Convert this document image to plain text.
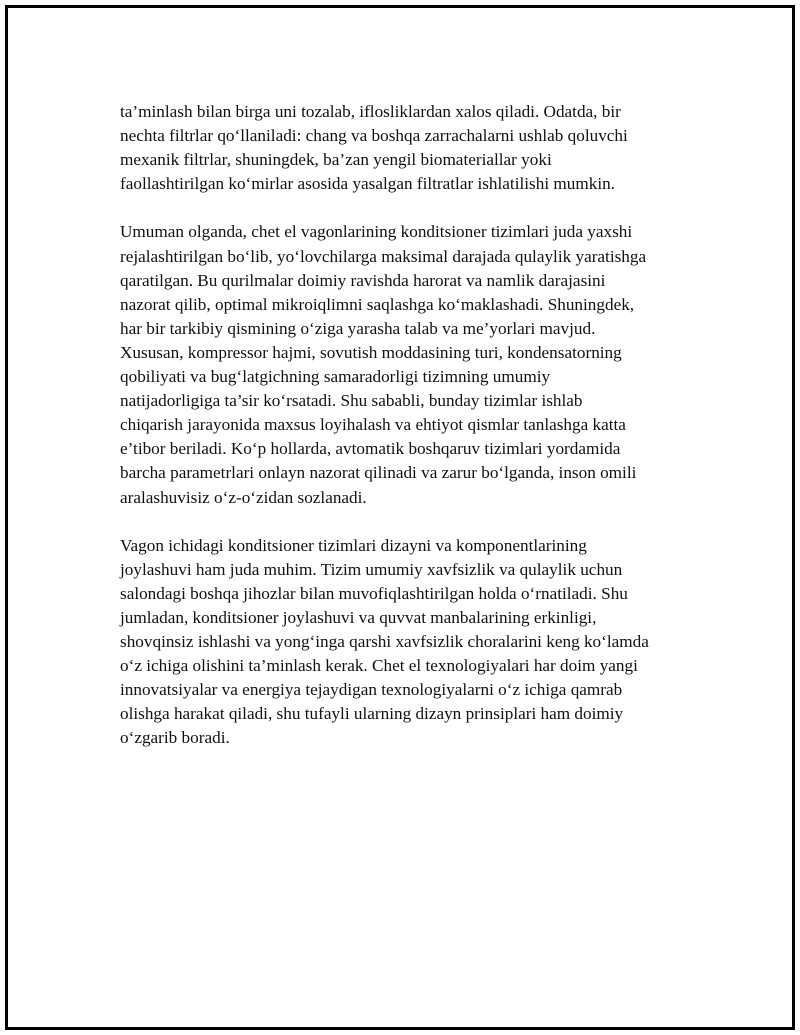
ta’minlash bilan birga uni tozalab, iflosliklardan xalos qiladi. Odatda, bir
nechta filtrlar qo‘llaniladi: chang va boshqa zarrachalarni ushlab qoluvchi
mexanik filtrlar, shuningdek, ba’zan yengil biomateriallar yoki
faollashtirilgan ko‘mirlar asosida yasalgan filtratlar ishlatilishi mumkin.

Umuman olganda, chet el vagonlarining konditsioner tizimlari juda yaxshi
rejalashtirilgan bo‘lib, yo‘lovchilarga maksimal darajada qulaylik yaratishga
qaratilgan. Bu qurilmalar doimiy ravishda harorat va namlik darajasini
nazorat qilib, optimal mikroiqlimni saqlashga ko‘maklashadi. Shuningdek,
har bir tarkibiy qismining o‘ziga yarasha talab va me’yorlari mavjud.
Xususan, kompressor hajmi, sovutish moddasining turi, kondensatorning
qobiliyati va bug‘latgichning samaradorligi tizimning umumiy
natijadorligiga ta’sir ko‘rsatadi. Shu sababli, bunday tizimlar ishlab
chiqarish jarayonida maxsus loyihalash va ehtiyot qismlar tanlashga katta
e’tibor beriladi. Ko‘p hollarda, avtomatik boshqaruv tizimlari yordamida
barcha parametrlari onlayn nazorat qilinadi va zarur bo‘lganda, inson omili
aralashuvisiz o‘z-o‘zidan sozlanadi.

Vagon ichidagi konditsioner tizimlari dizayni va komponentlarining
joylashuvi ham juda muhim. Tizim umumiy xavfsizlik va qulaylik uchun
salondagi boshqa jihozlar bilan muvofiqlashtirilgan holda o‘rnatiladi. Shu
jumladan, konditsioner joylashuvi va quvvat manbalarining erkinligi,
shovqinsiz ishlashi va yong‘inga qarshi xavfsizlik choralarini keng ko‘lamda
o‘z ichiga olishini ta’minlash kerak. Chet el texnologiyalari har doim yangi
innovatsiyalar va energiya tejaydigan texnologiyalarni o‘z ichiga qamrab
olishga harakat qiladi, shu tufayli ularning dizayn prinsiplari ham doimiy
o‘zgarib boradi.
